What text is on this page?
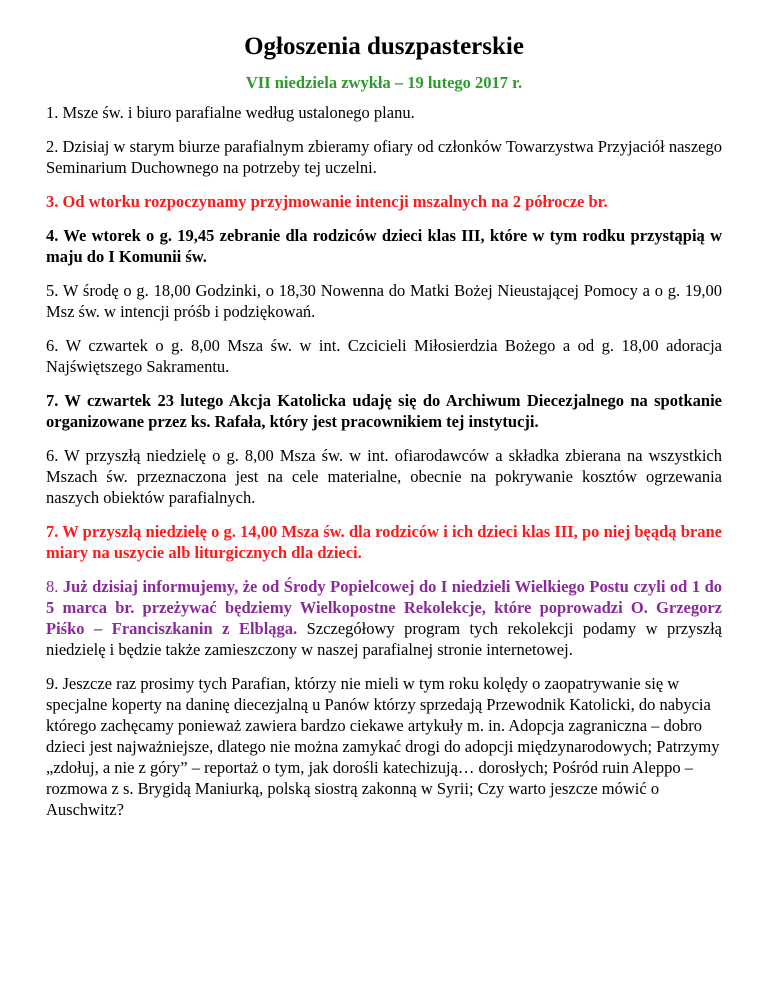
Ogłoszenia duszpasterskie
VII niedziela zwykła – 19 lutego 2017 r.

1. Msze św. i biuro parafialne według ustalonego planu.

2. Dzisiaj w starym biurze parafialnym zbieramy ofiary od członków Towarzystwa Przyjaciół naszego Seminarium Duchownego na potrzeby tej uczelni.

3. Od wtorku rozpoczynamy przyjmowanie intencji mszalnych na 2 półrocze br.

4. We wtorek o g. 19,45 zebranie dla rodziców dzieci klas III, które w tym rodku przystąpią w maju do I Komunii św.

5. W środę o g. 18,00 Godzinki, o 18,30 Nowenna do Matki Bożej Nieustającej Pomocy a o g. 19,00 Msz św. w intencji próśb i podziękowań.

6. W czwartek o g. 8,00 Msza św. w int. Czcicieli Miłosierdzia Bożego a od g. 18,00 adoracja Najświętszego Sakramentu.

7. W czwartek 23 lutego Akcja Katolicka udaję się do Archiwum Diecezjalnego na spotkanie organizowane przez ks. Rafała, który jest pracownikiem tej instytucji.

6. W przyszłą niedzielę o g. 8,00 Msza św. w int. ofiarodawców a składka zbierana na wszystkich Mszach św. przeznaczona jest na cele materialne, obecnie na pokrywanie kosztów ogrzewania naszych obiektów parafialnych.

7. W przyszłą niedzielę o g. 14,00 Msza św. dla rodziców i ich dzieci klas III, po niej bęądą brane miary na uszycie alb liturgicznych dla dzieci.

8. Już dzisiaj informujemy, że od Środy Popielcowej do I niedzieli Wielkiego Postu czyli od 1 do 5 marca br. przeżywać będziemy Wielkopostne Rekolekcje, które poprowadzi O. Grzegorz Piśko – Franciszkanin z Elbląga. Szczegółowy program tych rekolekcji podamy w przyszłą niedzielę i będzie także zamieszczony w naszej parafialnej stronie internetowej.

9. Jeszcze raz prosimy tych Parafian, którzy nie mieli w tym roku kolędy o zaopatrywanie się w specjalne koperty na daninę diecezjalną u Panów którzy sprzedają Przewodnik Katolicki, do nabycia którego zachęcamy ponieważ zawiera bardzo ciekawe artykuły m. in. Adopcja zagraniczna – dobro dzieci jest najważniejsze, dlatego nie można zamykać drogi do adopcji międzynarodowych; Patrzymy „zdołuj, a nie z góry” – reportaż o tym, jak dorośli katechizują… dorosłych; Pośród ruin Aleppo – rozmowa z s. Brygidą Maniurką, polską siostrą zakonną w Syrii; Czy warto jeszcze mówić o Auschwitz?
